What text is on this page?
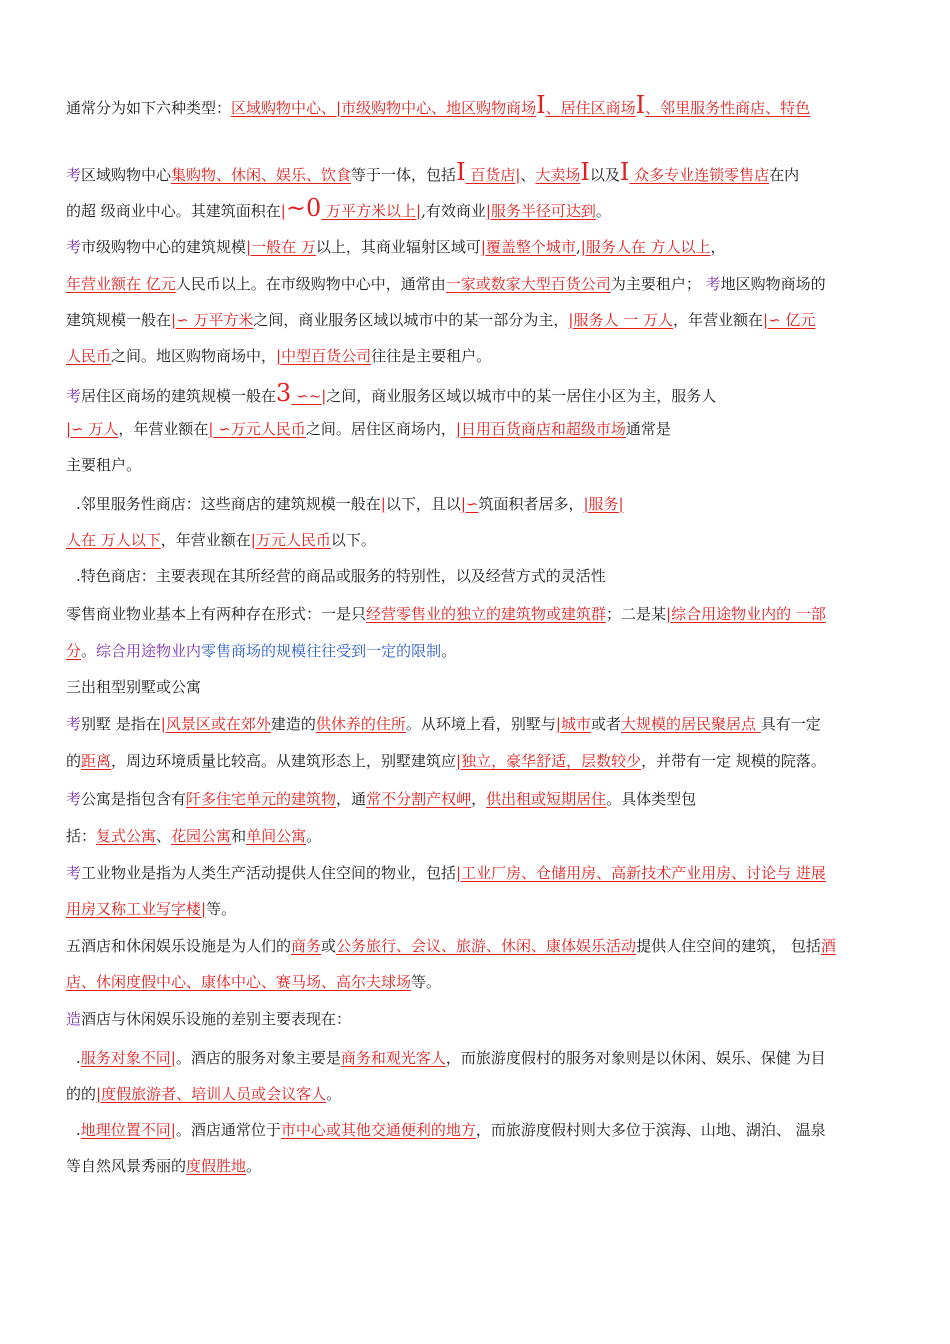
通常分为如下六种类型：区域购物中心、|市级购物中心、地区购物商场I、居住区商场I、邻里服务性商店、特色
考区域购物中心集购物、休闲、娱乐、饮食等于一体，包括I 百货店|、大卖场I以及I 众多专业连锁零售店在内
的超 级商业中心。其建筑面积在|~0 万平方米以上|,有效商业|服务半径可达到。
考市级购物中心的建筑规模|一般在 万以上，其商业辐射区域可|覆盖整个城市,|服务人在 方人以上，
年营业额在 亿元人民币以上。在市级购物中心中，通常由一家或数家大型百货公司为主要租户； 考地区购物商场的
建筑规模一般在|∽ 万平方米之间，商业服务区域以城市中的某一部分为主，|服务人 一 万人，年营业额在|∽ 亿元
人民币之间。地区购物商场中，|中型百货公司往往是主要租户。
考居住区商场的建筑规模一般在3 ∽~|之间，商业服务区域以城市中的某一居住小区为主，服务人
|∽ 万人，年营业额在| ∽万元人民币之间。居住区商场内，|日用百货商店和超级市场通常是
主要租户。
.邻里服务性商店：这些商店的建筑规模一般在|以下，且以|∽筑面积者居多，|服务|
人在 万人以下，年营业额在|万元人民币以下。
.特色商店：主要表现在其所经营的商品或服务的特别性，以及经营方式的灵活性
零售商业物业基本上有两种存在形式：一是只经营零售业的独立的建筑物或建筑群；二是某|综合用途物业内的 一部
分。综合用途物业内零售商场的规模往往受到一定的限制。
三出租型别墅或公寓
考别墅 是指在|风景区或在郊外建造的供休养的住所。从环境上看，别墅与|城市或者大规模的居民聚居点 具有一定
的距离，周边环境质量比较高。从建筑形态上，别墅建筑应|独立，豪华舒适，层数较少，并带有一定 规模的院落。
考公寓是指包含有阡多住宅单元的建筑物，通常不分割产权岬，供出租或短期居住。具体类型包
括：复式公寓、花园公寓和单间公寓。
考工业物业是指为人类生产活动提供人住空间的物业，包括|工业厂房、仓储用房、高新技术产业用房、讨论与 进展
用房又称工业写字楼|等。
五酒店和休闲娱乐设施是为人们的商务或公务旅行、会议、旅游、休闲、康体娱乐活动提供人住空间的建筑， 包括酒
店、休闲度假中心、康体中心、赛马场、高尔夫球场等。
造酒店与休闲娱乐设施的差别主要表现在：
.服务对象不同|。酒店的服务对象主要是商务和观光客人，而旅游度假村的服务对象则是以休闲、娱乐、保健 为目
的的|度假旅游者、培训人员或会议客人。
.地理位置不同|。酒店通常位于市中心或其他交通便利的地方，而旅游度假村则大多位于滨海、山地、湖泊、 温泉
等自然风景秀丽的度假胜地。
